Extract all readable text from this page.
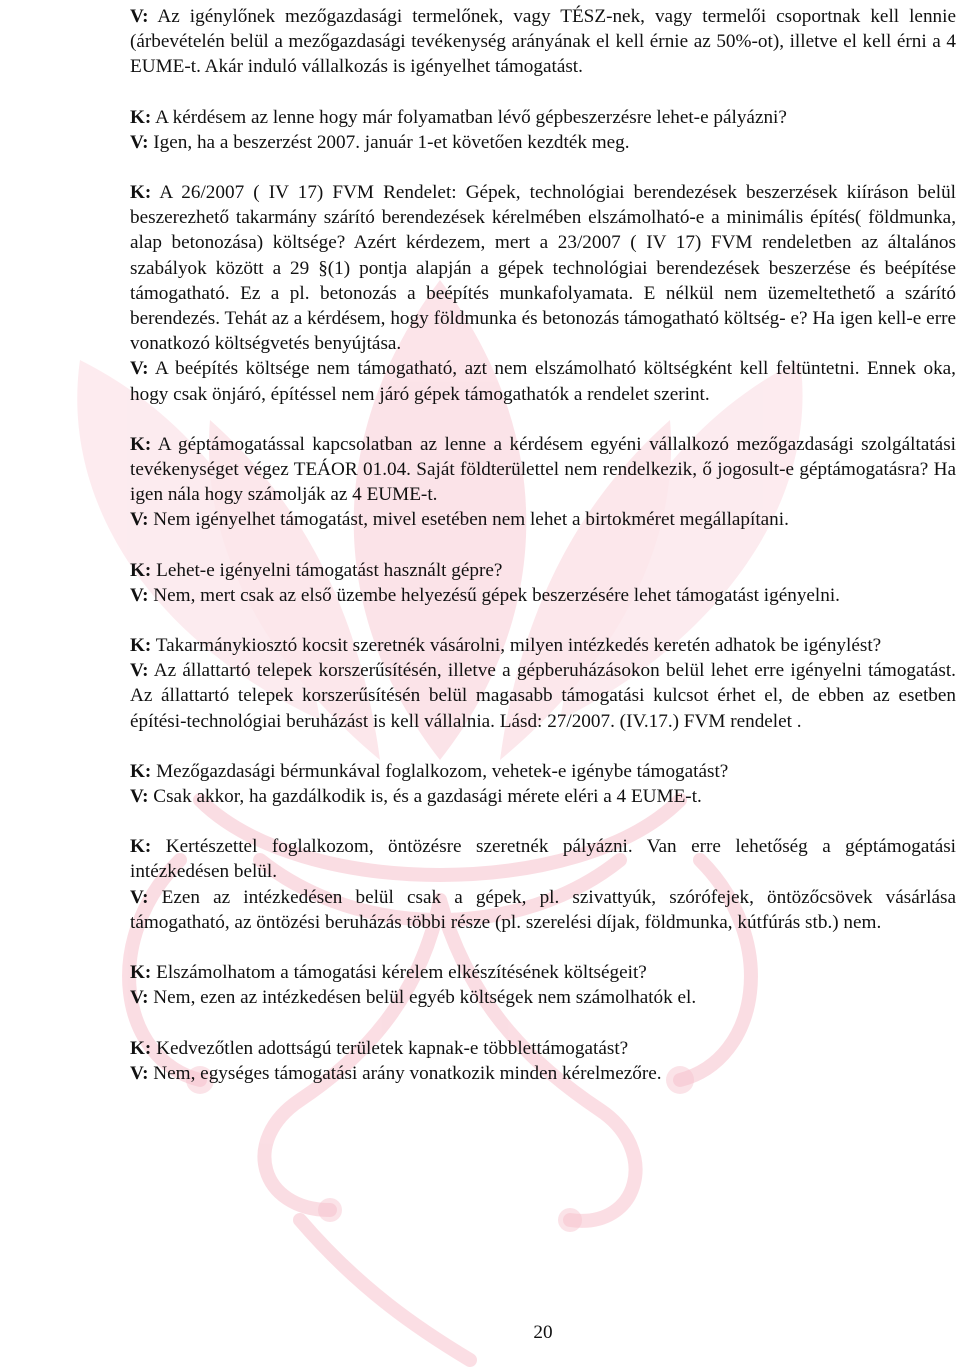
V: Az igénylőnek mezőgazdasági termelőnek, vagy TÉSZ-nek, vagy termelői csoportnak kell lennie (árbevételén belül a mezőgazdasági tevékenység arányának el kell érnie az 50%-ot), illetve el kell érni a 4 EUME-t. Akár induló vállalkozás is igényelhet támogatást.

K: A kérdésem az lenne hogy már folyamatban lévő gépbeszerzésre lehet-e pályázni?

V: Igen, ha a beszerzést 2007. január 1-et követően kezdték meg.

K: A 26/2007 ( IV 17) FVM Rendelet: Gépek, technológiai berendezések beszerzések kiíráson belül beszerezhető takarmány szárító berendezések kérelmében elszámolható-e a minimális építés( földmunka, alap betonozása) költsége? Azért kérdezem, mert a 23/2007 ( IV 17) FVM rendeletben az általános szabályok között a 29 §(1) pontja alapján a gépek technológiai berendezések beszerzése és beépítése támogatható. Ez a pl. betonozás a beépítés munkafolyamata. E nélkül nem üzemeltethető a szárító berendezés. Tehát az a kérdésem, hogy földmunka és betonozás támogatható költség- e? Ha igen kell-e erre vonatkozó költségvetés benyújtása.

V: A beépítés költsége nem támogatható, azt nem elszámolható költségként kell feltüntetni. Ennek oka, hogy csak önjáró, építéssel nem járó gépek támogathatók a rendelet szerint.

K: A géptámogatással kapcsolatban az lenne a kérdésem egyéni vállalkozó mezőgazdasági szolgáltatási tevékenységet végez TEÁOR 01.04. Saját földterülettel nem rendelkezik, ő jogosult-e géptámogatásra? Ha igen nála hogy számolják az 4 EUME-t.

V: Nem igényelhet támogatást, mivel esetében nem lehet a birtokméret megállapítani.

K: Lehet-e igényelni támogatást használt gépre?

V: Nem, mert csak az első üzembe helyezésű gépek beszerzésére lehet támogatást igényelni.

K: Takarmánykiosztó kocsit szeretnék vásárolni, milyen intézkedés keretén adhatok be igénylést?

V: Az állattartó telepek korszerűsítésén, illetve a gépberuházásokon belül lehet erre igényelni támogatást. Az állattartó telepek korszerűsítésén belül magasabb támogatási kulcsot érhet el, de ebben az esetben építési-technológiai beruházást is kell vállalnia. Lásd: 27/2007. (IV.17.) FVM rendelet .

K: Mezőgazdasági bérmunkával foglalkozom, vehetek-e igénybe támogatást?

V: Csak akkor, ha gazdálkodik is, és a gazdasági mérete eléri a 4 EUME-t.

K: Kertészettel foglalkozom, öntözésre szeretnék pályázni. Van erre lehetőség a géptámogatási intézkedésen belül.

V: Ezen az intézkedésen belül csak a gépek, pl. szivattyúk, szórófejek, öntözőcsövek vásárlása támogatható, az öntözési beruházás többi része (pl. szerelési díjak, földmunka, kútfúrás stb.) nem.

K: Elszámolhatom a támogatási kérelem elkészítésének költségeit?

V: Nem, ezen az intézkedésen belül egyéb költségek nem számolhatók el.

K: Kedvezőtlen adottságú területek kapnak-e többlettámogatást?

V: Nem, egységes támogatási arány vonatkozik minden kérelmezőre.

20
